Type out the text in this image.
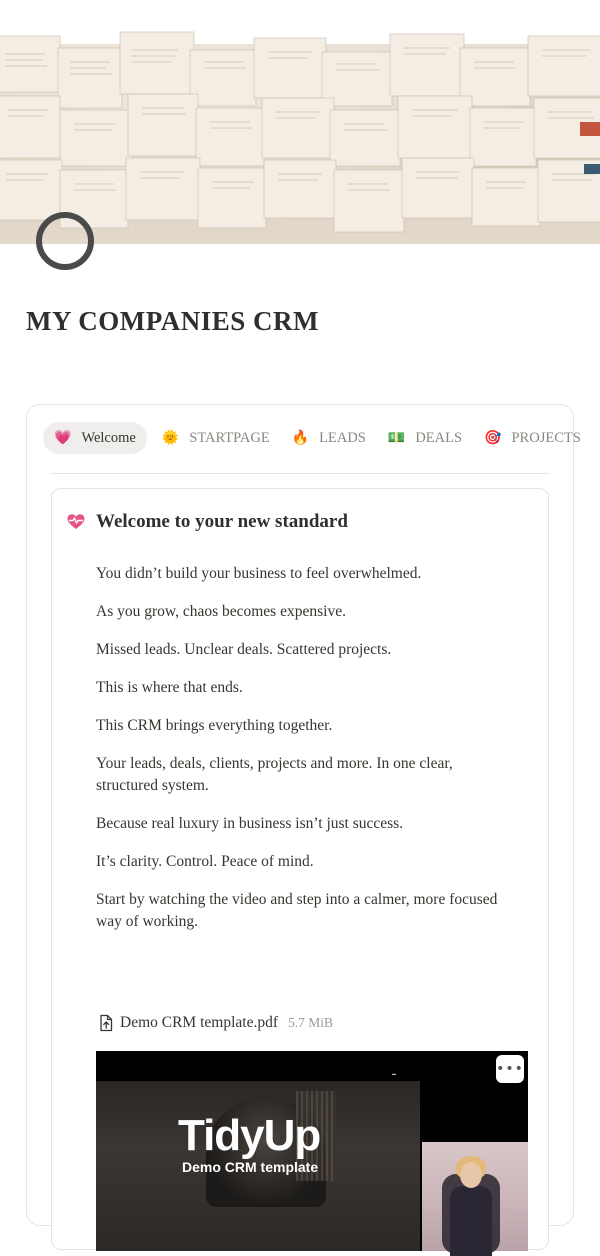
MY COMPANIES CRM
💗 Welcome 🌞 STARTPAGE 🔥 LEADS 💵 DEALS 🎯 PROJECTS
Welcome to your new standard

You didn’t build your business to feel overwhelmed.

As you grow, chaos becomes expensive.

Missed leads. Unclear deals. Scattered projects.

This is where that ends.

This CRM brings everything together.

Your leads, deals, clients, projects and more. In one clear, structured system.

Because real luxury in business isn’t just success.

It’s clarity. Control. Peace of mind.

Start by watching the video and step into a calmer, more focused way of working.

Demo CRM template.pdf 5.7 MiB
▬
TidyUp
Demo CRM template
•••
